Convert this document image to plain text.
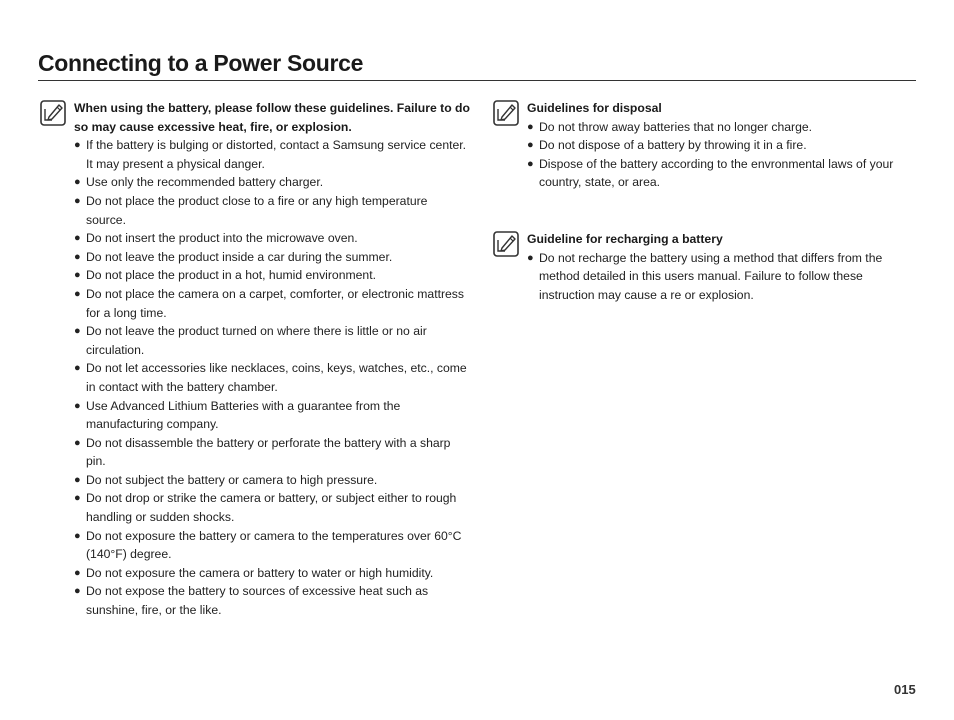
Connecting to a Power Source

When using the battery, please follow these guidelines. Failure to do so may cause excessive heat, fire, or explosion.

● If the battery is bulging or distorted, contact a Samsung service center. It may present a physical danger.
● Use only the recommended battery charger.
● Do not place the product close to a fire or any high temperature source.
● Do not insert the product into the microwave oven.
● Do not leave the product inside a car during the summer.
● Do not place the product in a hot, humid environment.
● Do not place the camera on a carpet, comforter, or electronic mattress for a long time.
● Do not leave the product turned on where there is little or no air circulation.
● Do not let accessories like necklaces, coins, keys, watches, etc., come in contact with the battery chamber.
● Use Advanced Lithium Batteries with a guarantee from the manufacturing company.
● Do not disassemble the battery or perforate the battery with a sharp pin.
● Do not subject the battery or camera to high pressure.
● Do not drop or strike the camera or battery, or subject either to rough handling or sudden shocks.
● Do not exposure the battery or camera to the temperatures over 60°C (140°F) degree.
● Do not exposure the camera or battery to water or high humidity.
● Do not expose the battery to sources of excessive heat such as sunshine, fire, or the like.

Guidelines for disposal

● Do not throw away batteries that no longer charge.
● Do not dispose of a battery by throwing it in a fire.
● Dispose of the battery according to the envronmental laws of your country, state, or area.

Guideline for recharging a battery

● Do not recharge the battery using a method that differs from the method detailed in this users manual. Failure to follow these instruction may cause a re or explosion.
015
